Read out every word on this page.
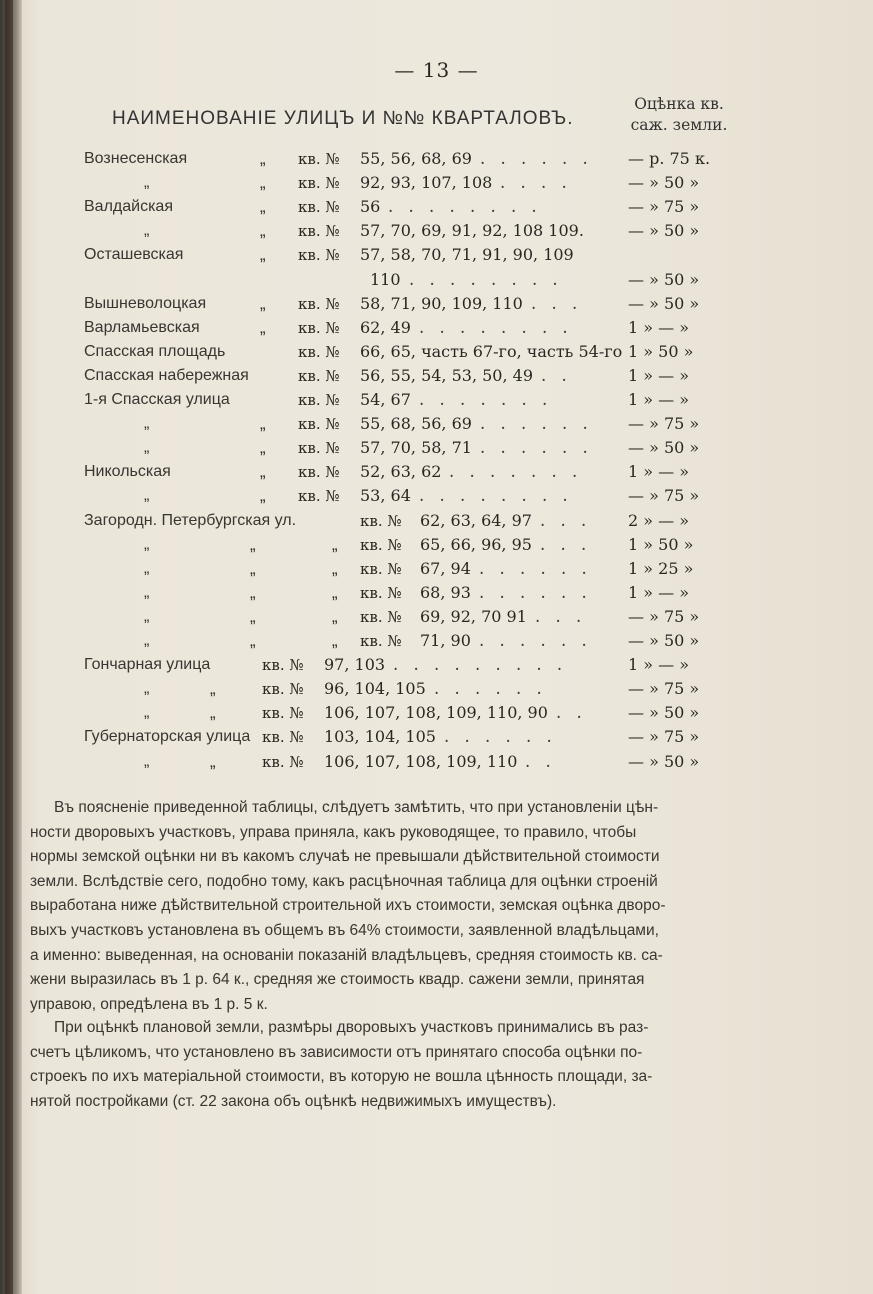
— 13 —
НАИМЕНОВАНІЕ УЛИЦЪ И №№ КВАРТАЛОВЪ.
Оцѣнка кв.
саж. земли.
Вознесенская	„ кв. № 55, 56, 68, 69 . . . . . . — р. 75 к.
„	„ кв. № 92, 93, 107, 108 . . . .	— » 50 »
Валдайская	„ кв. № 56 . . . . . . . .	— » 75 »
„	„ кв. № 57, 70, 69, 91, 92, 108 109.	— » 50 »
Осташевская	„ кв. № 57, 58, 70, 71, 91, 90, 109
110 . . . . . . . .	— » 50 »
Вышневолоцкая	„ кв. № 58, 71, 90, 109, 110 . . .	— » 50 »
Варламьевская	„ кв. № 62, 49 . . . . . . . .	1 » — »
Спасская площадь	кв. № 66, 65, часть 67-го, часть 54-го 1 » 50 »
Спасская набережная	кв. № 56, 55, 54, 53, 50, 49 . .	1 » — »
1-я Спасская улица	кв. № 54, 67 . . . . . . .	1 » — »
„	„ кв. № 55, 68, 56, 69 . . . . . . — » 75 »
„	„ кв. № 57, 70, 58, 71 . . . . . . — » 50 »
Никольская	„ кв. № 52, 63, 62 . . . . . . .	1 » — »
„	„ кв. № 53, 64 . . . . . . . .	— » 75 »
Загородн. Петербургская ул.	кв. № 62, 63, 64, 97 . . . 2 » — »
„	„	„ кв. № 65, 66, 96, 95 . . . 1 » 50 »
„	„	„ кв. № 67, 94 . . . . . . 1 » 25 »
„	„	„ кв. № 68, 93 . . . . . . 1 » — »
„	„	„ кв. № 69, 92, 70 91 . . .	— » 75 »
„	„	„ кв. № 71, 90 . . . . . . — » 50 »
Гончарная улица	кв. № 97, 103 . . . . . . . . .	1 » — »
„	„	кв. № 96, 104, 105 . . . . . .	— » 75 »
„	„	кв. № 106, 107, 108, 109, 110, 90 . .	— » 50 »
Губернаторская улица кв. № 103, 104, 105 . . . . . .	— » 75 »
„	„	кв. № 106, 107, 108, 109, 110 . .	— » 50 »
Въ поясненіе приведенной таблицы, слѣдуетъ замѣтить, что при установленіи цѣн-
ности дворовыхъ участковъ, управа приняла, какъ руководящее, то правило, чтобы
нормы земской оцѣнки ни въ какомъ случаѣ не превышали дѣйствительной стоимости
земли. Вслѣдствіе сего, подобно тому, какъ расцѣночная таблица для оцѣнки строеній
выработана ниже дѣйствительной строительной ихъ стоимости, земская оцѣнка дворо-
выхъ участковъ установлена въ общемъ въ 64% стоимости, заявленной владѣльцами,
а именно: выведенная, на основаніи показаній владѣльцевъ, средняя стоимость кв. са-
жени выразилась въ 1 р. 64 к., средняя же стоимость квадр. сажени земли, принятая
управою, опредѣлена въ 1 р. 5 к.
При оцѣнкѣ плановой земли, размѣры дворовыхъ участковъ принимались въ раз-
счетъ цѣликомъ, что установлено въ зависимости отъ принятаго способа оцѣнки по-
строекъ по ихъ матеріальной стоимости, въ которую не вошла цѣнность площади, за-
нятой постройками (ст. 22 закона объ оцѣнкѣ недвижимыхъ имуществъ).
